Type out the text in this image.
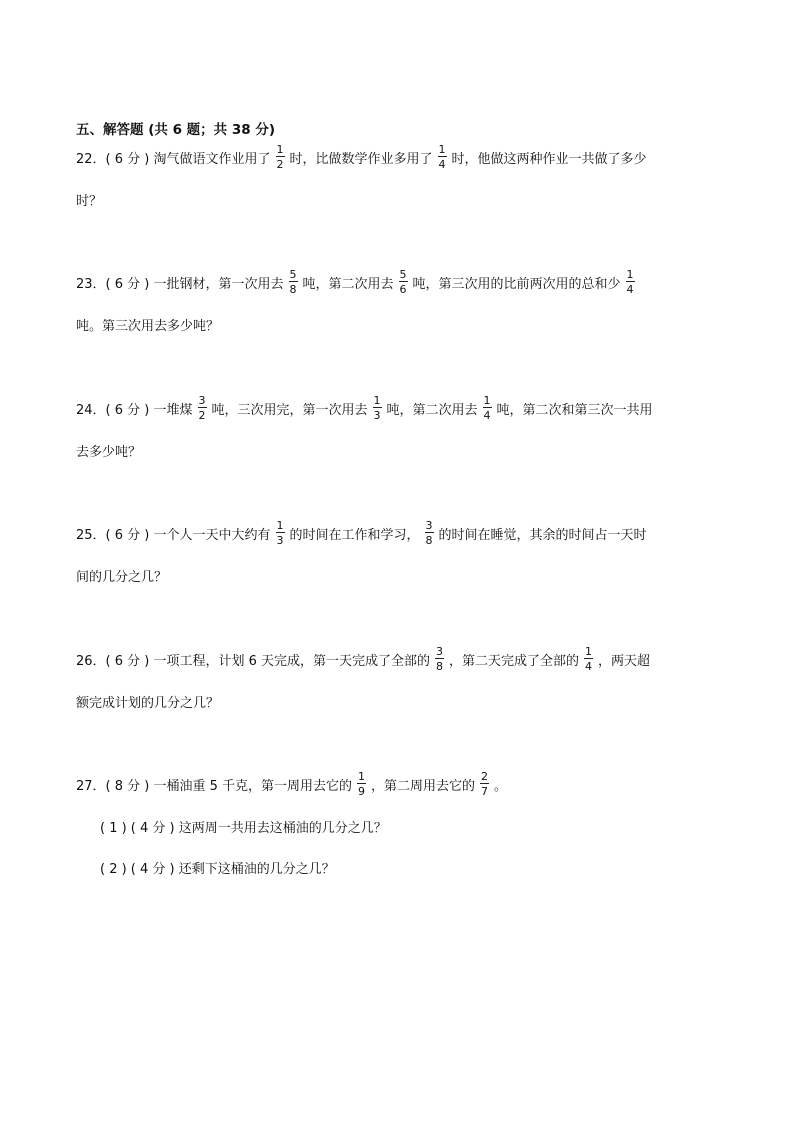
五、解答题 (共 6 题；共 38 分)
22．( 6 分 ) 淘气做语文作业用了 $\frac{1}{2}$ 时，比做数学作业多用了 $\frac{1}{4}$ 时，他做这两种作业一共做了多少
时？
23．( 6 分 ) 一批钢材，第一次用去 $\frac{5}{8}$ 吨，第二次用去 $\frac{5}{6}$ 吨，第三次用的比前两次用的总和少 $\frac{1}{4}$
吨。第三次用去多少吨？
24．( 6 分 ) 一堆煤 $\frac{3}{2}$ 吨，三次用完，第一次用去 $\frac{1}{3}$ 吨，第二次用去 $\frac{1}{4}$ 吨，第二次和第三次一共用
去多少吨？
25．( 6 分 ) 一个人一天中大约有 $\frac{1}{3}$ 的时间在工作和学习， $\frac{3}{8}$ 的时间在睡觉，其余的时间占一天时
间的几分之几？
26．( 6 分 ) 一项工程，计划 6 天完成，第一天完成了全部的 $\frac{3}{8}$ ，第二天完成了全部的 $\frac{1}{4}$ ，两天超
额完成计划的几分之几？
27．( 8 分 ) 一桶油重 5 千克，第一周用去它的 $\frac{1}{9}$ ，第二周用去它的 $\frac{2}{7}$ 。
( 1 ) ( 4 分 ) 这两周一共用去这桶油的几分之几？
( 2 ) ( 4 分 ) 还剩下这桶油的几分之几？
